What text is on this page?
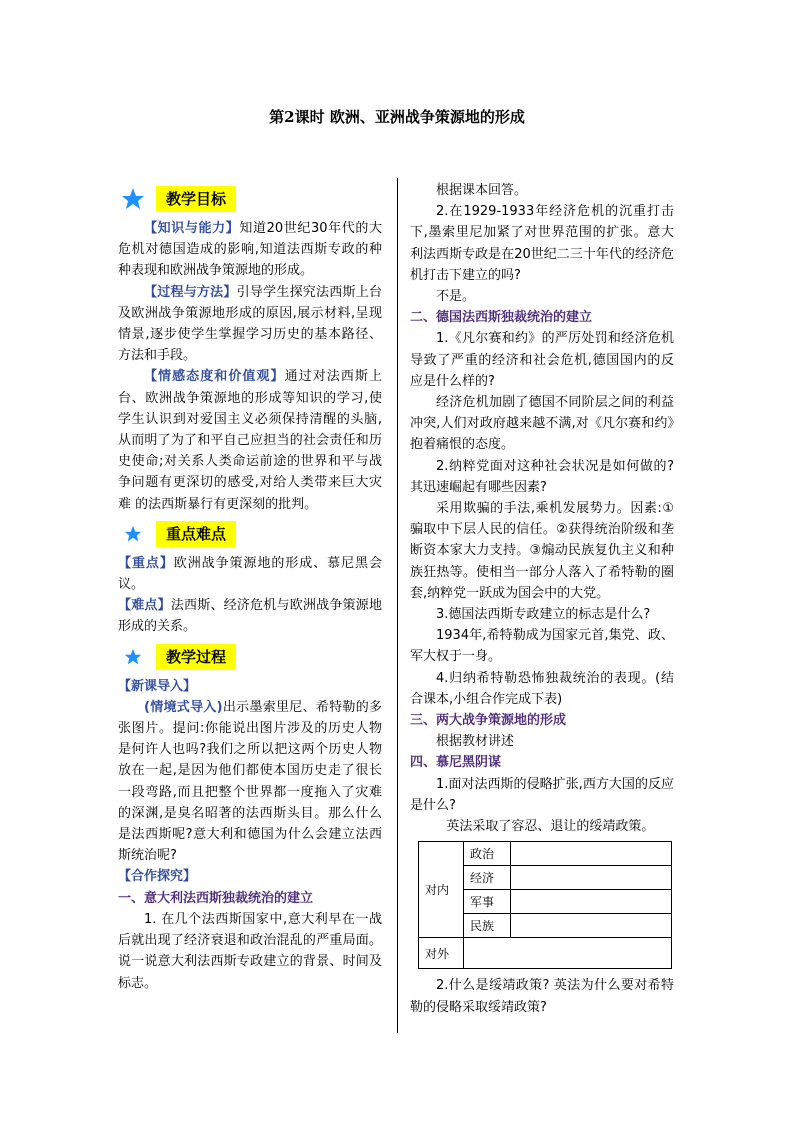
第2课时 欧洲、亚洲战争策源地的形成
教学目标

【知识与能力】知道20世纪30年代的大危机对德国造成的影响,知道法西斯专政的种种表现和欧洲战争策源地的形成。

【过程与方法】引导学生探究法西斯上台及欧洲战争策源地形成的原因,展示材料,呈现情景,逐步使学生掌握学习历史的基本路径、方法和手段。

【情感态度和价值观】通过对法西斯上台、欧洲战争策源地的形成等知识的学习,使学生认识到对爱国主义必须保持清醒的头脑,从而明了为了和平自己应担当的社会责任和历史使命;对关系人类命运前途的世界和平与战争问题有更深切的感受,对给人类带来巨大灾难 的法西斯暴行有更深刻的批判。

重点难点

【重点】欧洲战争策源地的形成、慕尼黑会议。

【难点】法西斯、经济危机与欧洲战争策源地形成的关系。

教学过程

【新课导入】

(情境式导入)出示墨索里尼、希特勒的多张图片。提问:你能说出图片涉及的历史人物是何许人也吗?我们之所以把这两个历史人物放在一起,是因为他们都使本国历史走了很长一段弯路,而且把整个世界都一度拖入了灾难的深渊,是臭名昭著的法西斯头目。那么什么是法西斯呢?意大利和德国为什么会建立法西斯统治呢?

【合作探究】

一、意大利法西斯独裁统治的建立

1. 在几个法西斯国家中,意大利早在一战后就出现了经济衰退和政治混乱的严重局面。说一说意大利法西斯专政建立的背景、时间及标志。

根据课本回答。

2.在1929-1933年经济危机的沉重打击下,墨索里尼加紧了对世界范围的扩张。意大利法西斯专政是在20世纪二三十年代的经济危机打击下建立的吗?

不是。

二、德国法西斯独裁统治的建立

1.《凡尔赛和约》的严厉处罚和经济危机导致了严重的经济和社会危机,德国国内的反应是什么样的?

经济危机加剧了德国不同阶层之间的利益冲突,人们对政府越来越不满,对《凡尔赛和约》抱着痛恨的态度。

2.纳粹党面对这种社会状况是如何做的?其迅速崛起有哪些因素?

采用欺骗的手法,乘机发展势力。因素:①骗取中下层人民的信任。②获得统治阶级和垄断资本家大力支持。③煽动民族复仇主义和种族狂热等。使相当一部分人落入了希特勒的圈套,纳粹党一跃成为国会中的大党。

3.德国法西斯专政建立的标志是什么?

1934年,希特勒成为国家元首,集党、政、军大权于一身。

4.归纳希特勒恐怖独裁统治的表现。(结合课本,小组合作完成下表)

三、两大战争策源地的形成

根据教材讲述

四、慕尼黑阴谋

1.面对法西斯的侵略扩张,西方大国的反应是什么?

英法采取了容忍、退让的绥靖政策。

对内	政治	
	经济	
	军事	
	民族	
对外		

2.什么是绥靖政策? 英法为什么要对希特勒的侵略采取绥靖政策?
